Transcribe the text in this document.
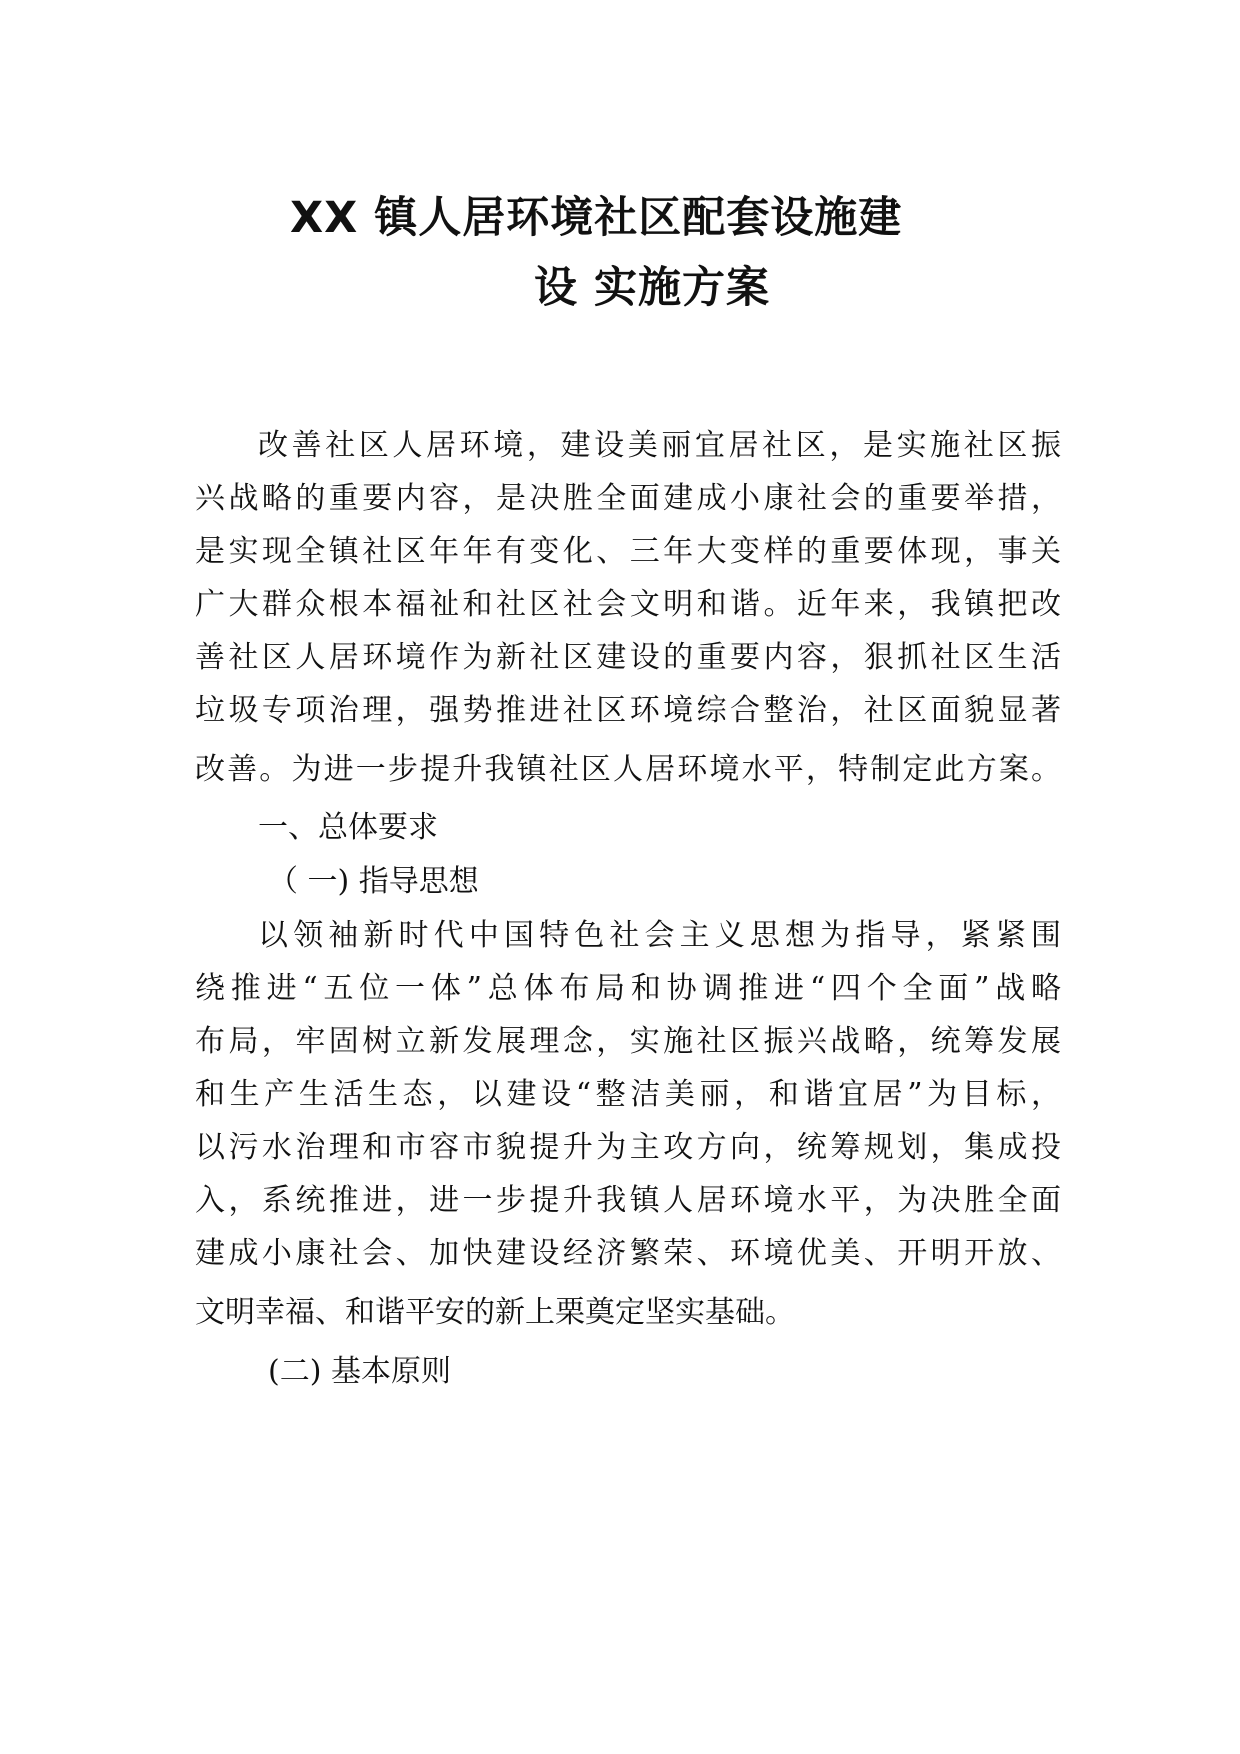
XX 镇人居环境社区配套设施建
设 实施方案
改善社区人居环境，建设美丽宜居社区，是实施社区振
兴战略的重要内容，是决胜全面建成小康社会的重要举措，
是实现全镇社区年年有变化、三年大变样的重要体现，事关
广大群众根本福祉和社区社会文明和谐。近年来，我镇把改
善社区人居环境作为新社区建设的重要内容，狠抓社区生活
垃圾专项治理，强势推进社区环境综合整治，社区面貌显著
改善。为进一步提升我镇社区人居环境水平，特制定此方案。
一、总体要求
（ 一) 指导思想
以领袖新时代中国特色社会主义思想为指导，紧紧围
绕推进“五位一体”总体布局和协调推进“四个全面”战略
布局，牢固树立新发展理念，实施社区振兴战略，统筹发展
和生产生活生态，以建设“整洁美丽，和谐宜居”为目标，
以污水治理和市容市貌提升为主攻方向，统筹规划，集成投
入，系统推进，进一步提升我镇人居环境水平，为决胜全面
建成小康社会、加快建设经济繁荣、环境优美、开明开放、
文明幸福、和谐平安的新上栗奠定坚实基础。
(二) 基本原则
